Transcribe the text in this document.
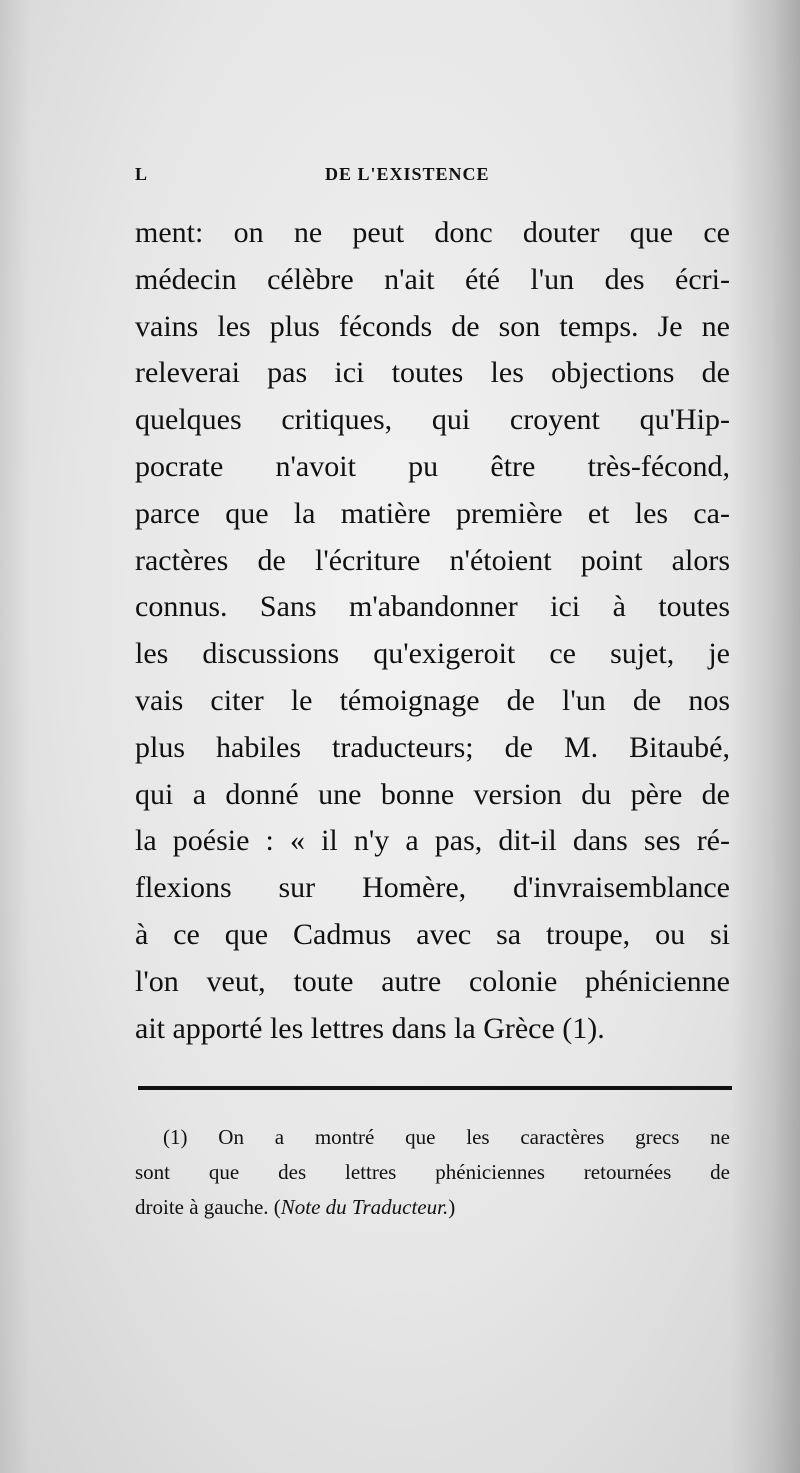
L	DE L'EXISTENCE
ment: on ne peut donc douter que ce
médecin célèbre n'ait été l'un des écri-
vains les plus féconds de son temps. Je ne
releverai pas ici toutes les objections de
quelques critiques, qui croyent qu'Hip-
pocrate n'avoit pu être très-fécond,
parce que la matière première et les ca-
ractères de l'écriture n'étoient point alors
connus. Sans m'abandonner ici à toutes
les discussions qu'exigeroit ce sujet, je
vais citer le témoignage de l'un de nos
plus habiles traducteurs; de M. Bitaubé,
qui a donné une bonne version du père de
la poésie : « il n'y a pas, dit-il dans ses ré-
flexions sur Homère, d'invraisemblance
à ce que Cadmus avec sa troupe, ou si
l'on veut, toute autre colonie phénicienne
ait apporté les lettres dans la Grèce (1).
(1) On a montré que les caractères grecs ne
sont que des lettres phéniciennes retournées de
droite à gauche. (Note du Traducteur.)
